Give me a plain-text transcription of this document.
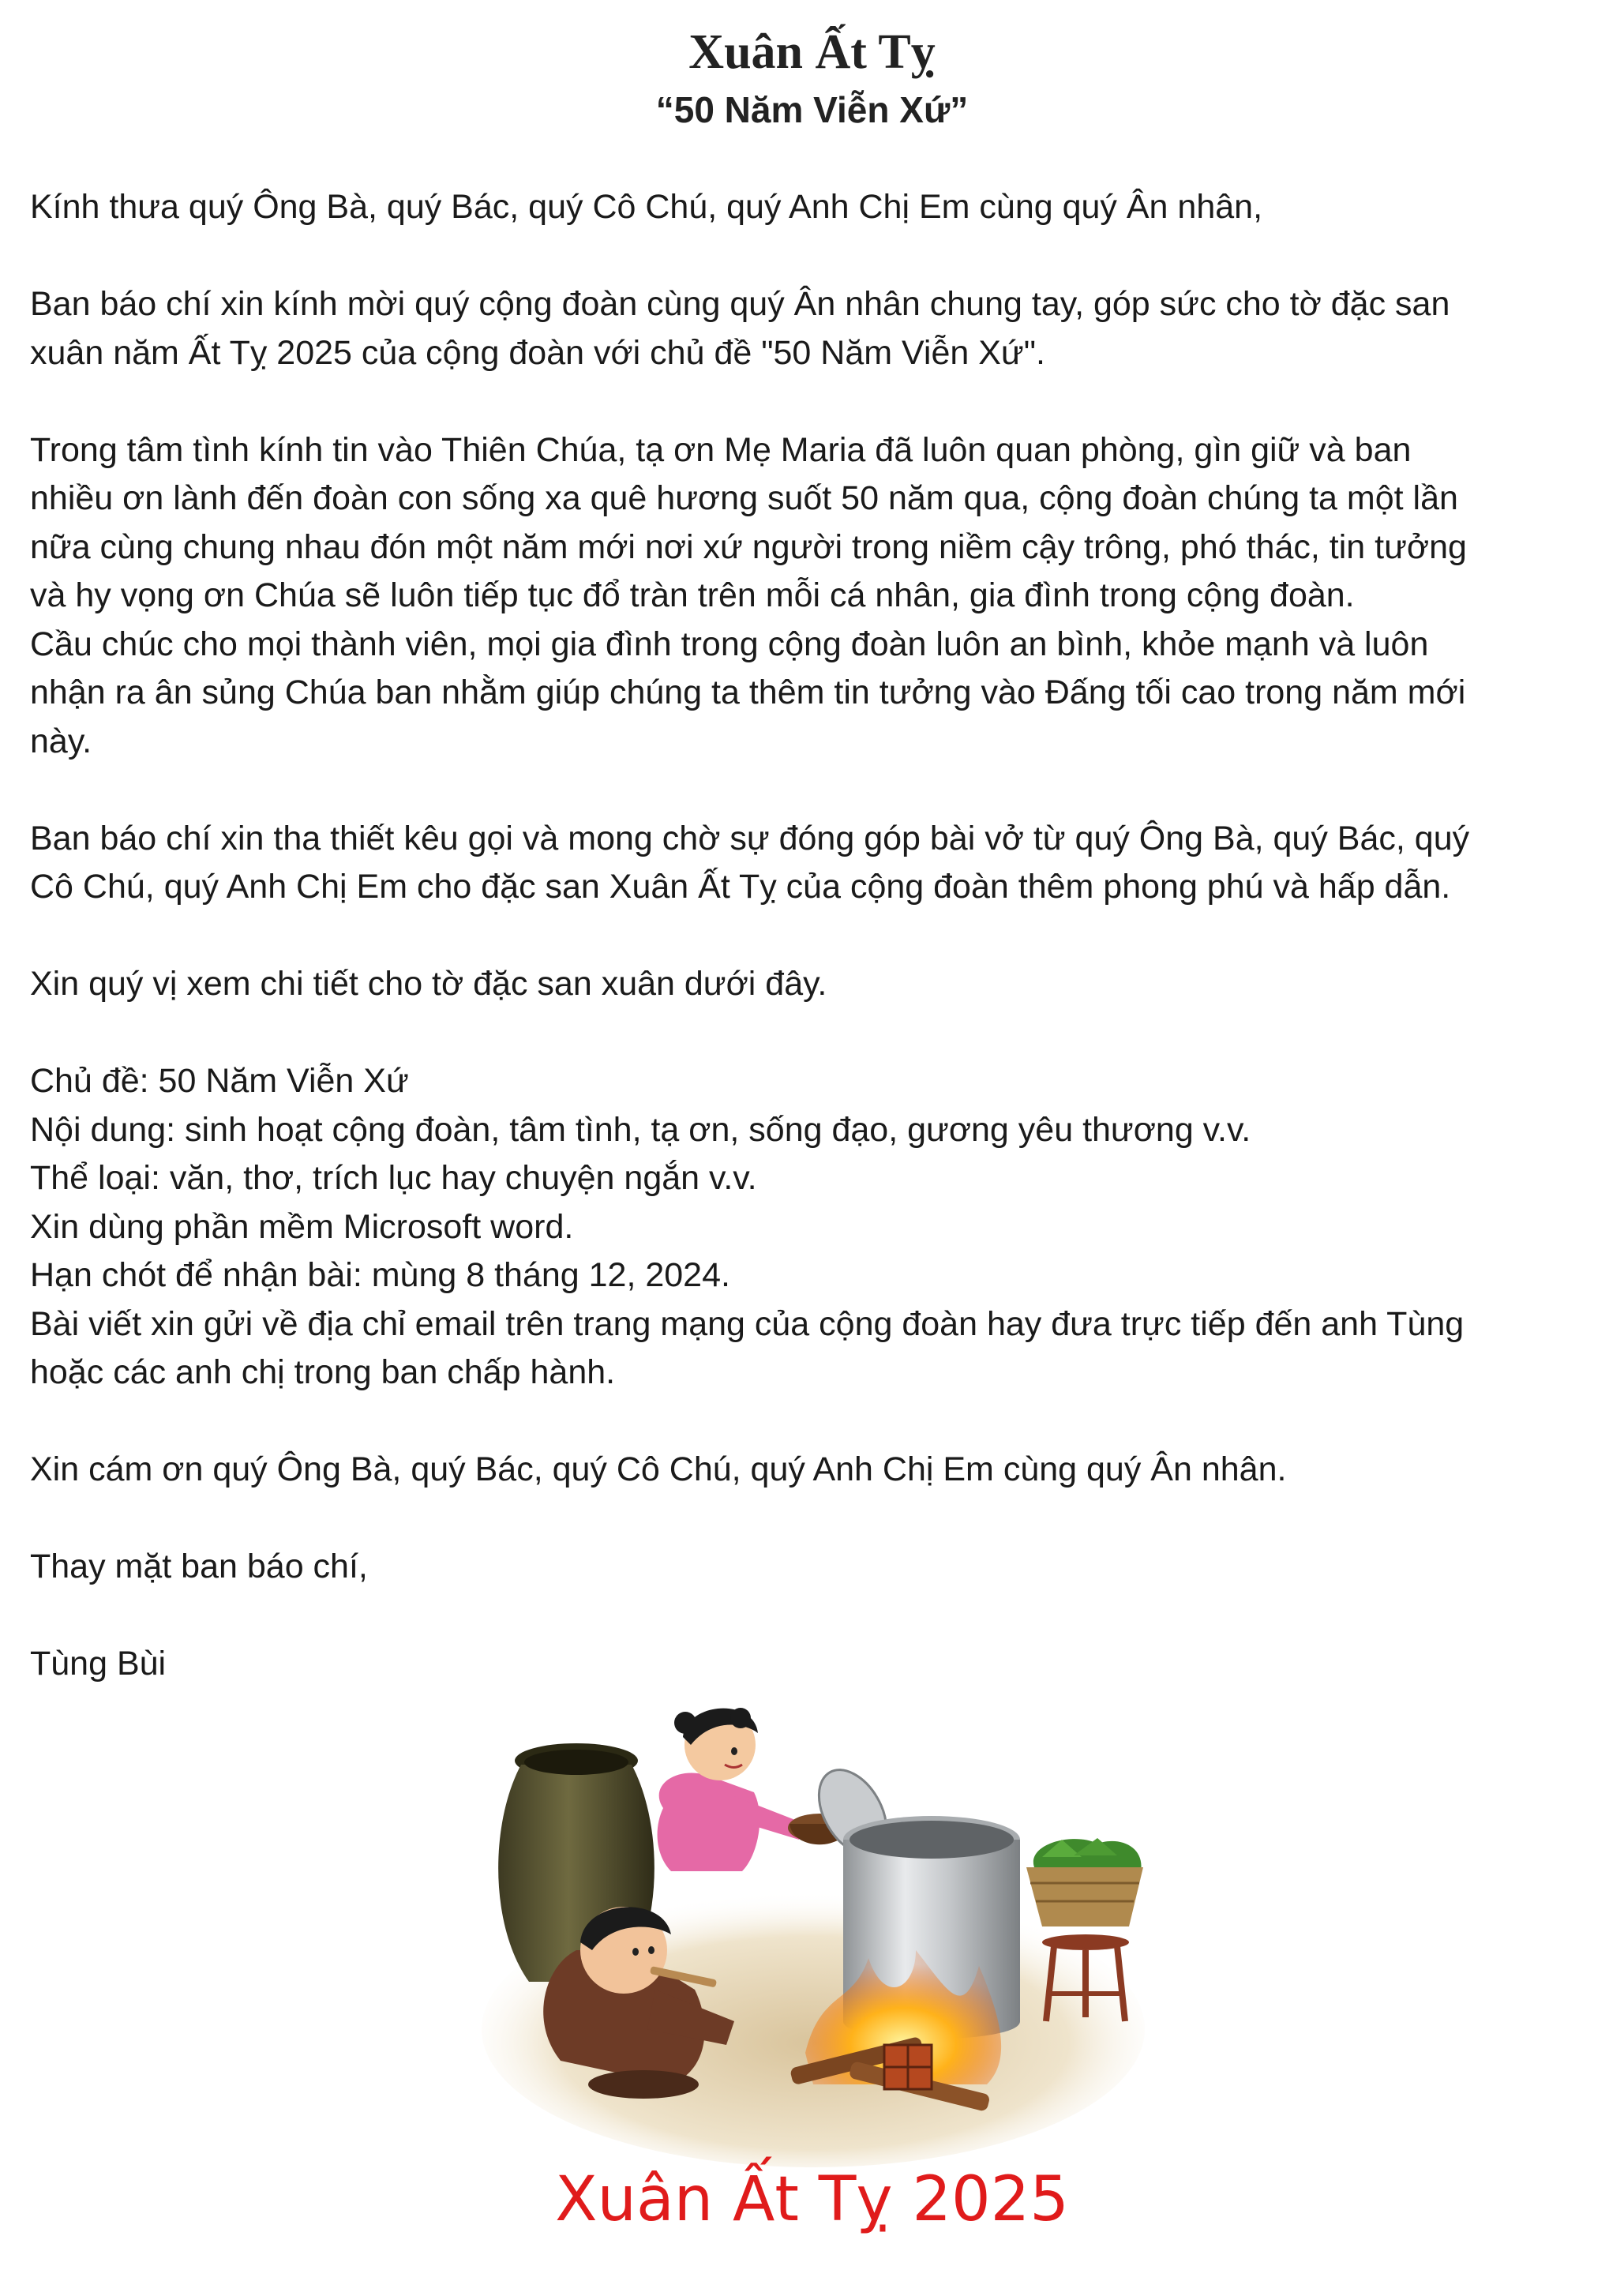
Xuân Ất Tỵ
“50 Năm Viễn Xứ”

Kính thưa quý Ông Bà, quý Bác, quý Cô Chú, quý Anh Chị Em cùng quý Ân nhân,

Ban báo chí xin kính mời quý cộng đoàn cùng quý Ân nhân chung tay, góp sức cho tờ đặc san
xuân năm Ất Tỵ 2025 của cộng đoàn với chủ đề "50 Năm Viễn Xứ".

Trong tâm tình kính tin vào Thiên Chúa, tạ ơn Mẹ Maria đã luôn quan phòng, gìn giữ và ban
nhiều ơn lành đến đoàn con sống xa quê hương suốt 50 năm qua, cộng đoàn chúng ta một lần
nữa cùng chung nhau đón một năm mới nơi xứ người trong niềm cậy trông, phó thác, tin tưởng
và hy vọng ơn Chúa sẽ luôn tiếp tục đổ tràn trên mỗi cá nhân, gia đình trong cộng đoàn.
Cầu chúc cho mọi thành viên, mọi gia đình trong cộng đoàn luôn an bình, khỏe mạnh và luôn
nhận ra ân sủng Chúa ban nhằm giúp chúng ta thêm tin tưởng vào Đấng tối cao trong năm mới
này.

Ban báo chí xin tha thiết kêu gọi và mong chờ sự đóng góp bài vở từ quý Ông Bà, quý Bác, quý
Cô Chú, quý Anh Chị Em cho đặc san Xuân Ất Tỵ của cộng đoàn thêm phong phú và hấp dẫn.

Xin quý vị xem chi tiết cho tờ đặc san xuân dưới đây.

Chủ đề: 50 Năm Viễn Xứ
Nội dung: sinh hoạt cộng đoàn, tâm tình, tạ ơn, sống đạo, gương yêu thương v.v.
Thể loại: văn, thơ, trích lục hay chuyện ngắn v.v.
Xin dùng phần mềm Microsoft word.
Hạn chót để nhận bài: mùng 8 tháng 12, 2024.
Bài viết xin gửi về địa chỉ email trên trang mạng của cộng đoàn hay đưa trực tiếp đến anh Tùng
hoặc các anh chị trong ban chấp hành.

Xin cám ơn quý Ông Bà, quý Bác, quý Cô Chú, quý Anh Chị Em cùng quý Ân nhân.

Thay mặt ban báo chí,

Tùng Bùi

Xuân Ất Tỵ 2025
